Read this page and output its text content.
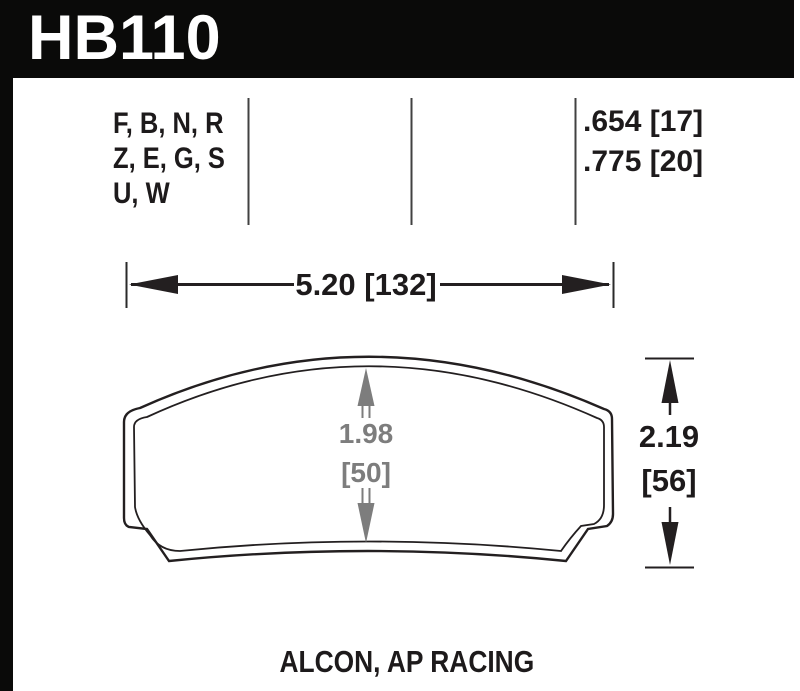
HB110
F, B, N, R
Z, E, G, S
U, W
.654 [17]
.775 [20]
5.20 [132]
1.98
[50]
2.19
[56]
ALCON, AP RACING
